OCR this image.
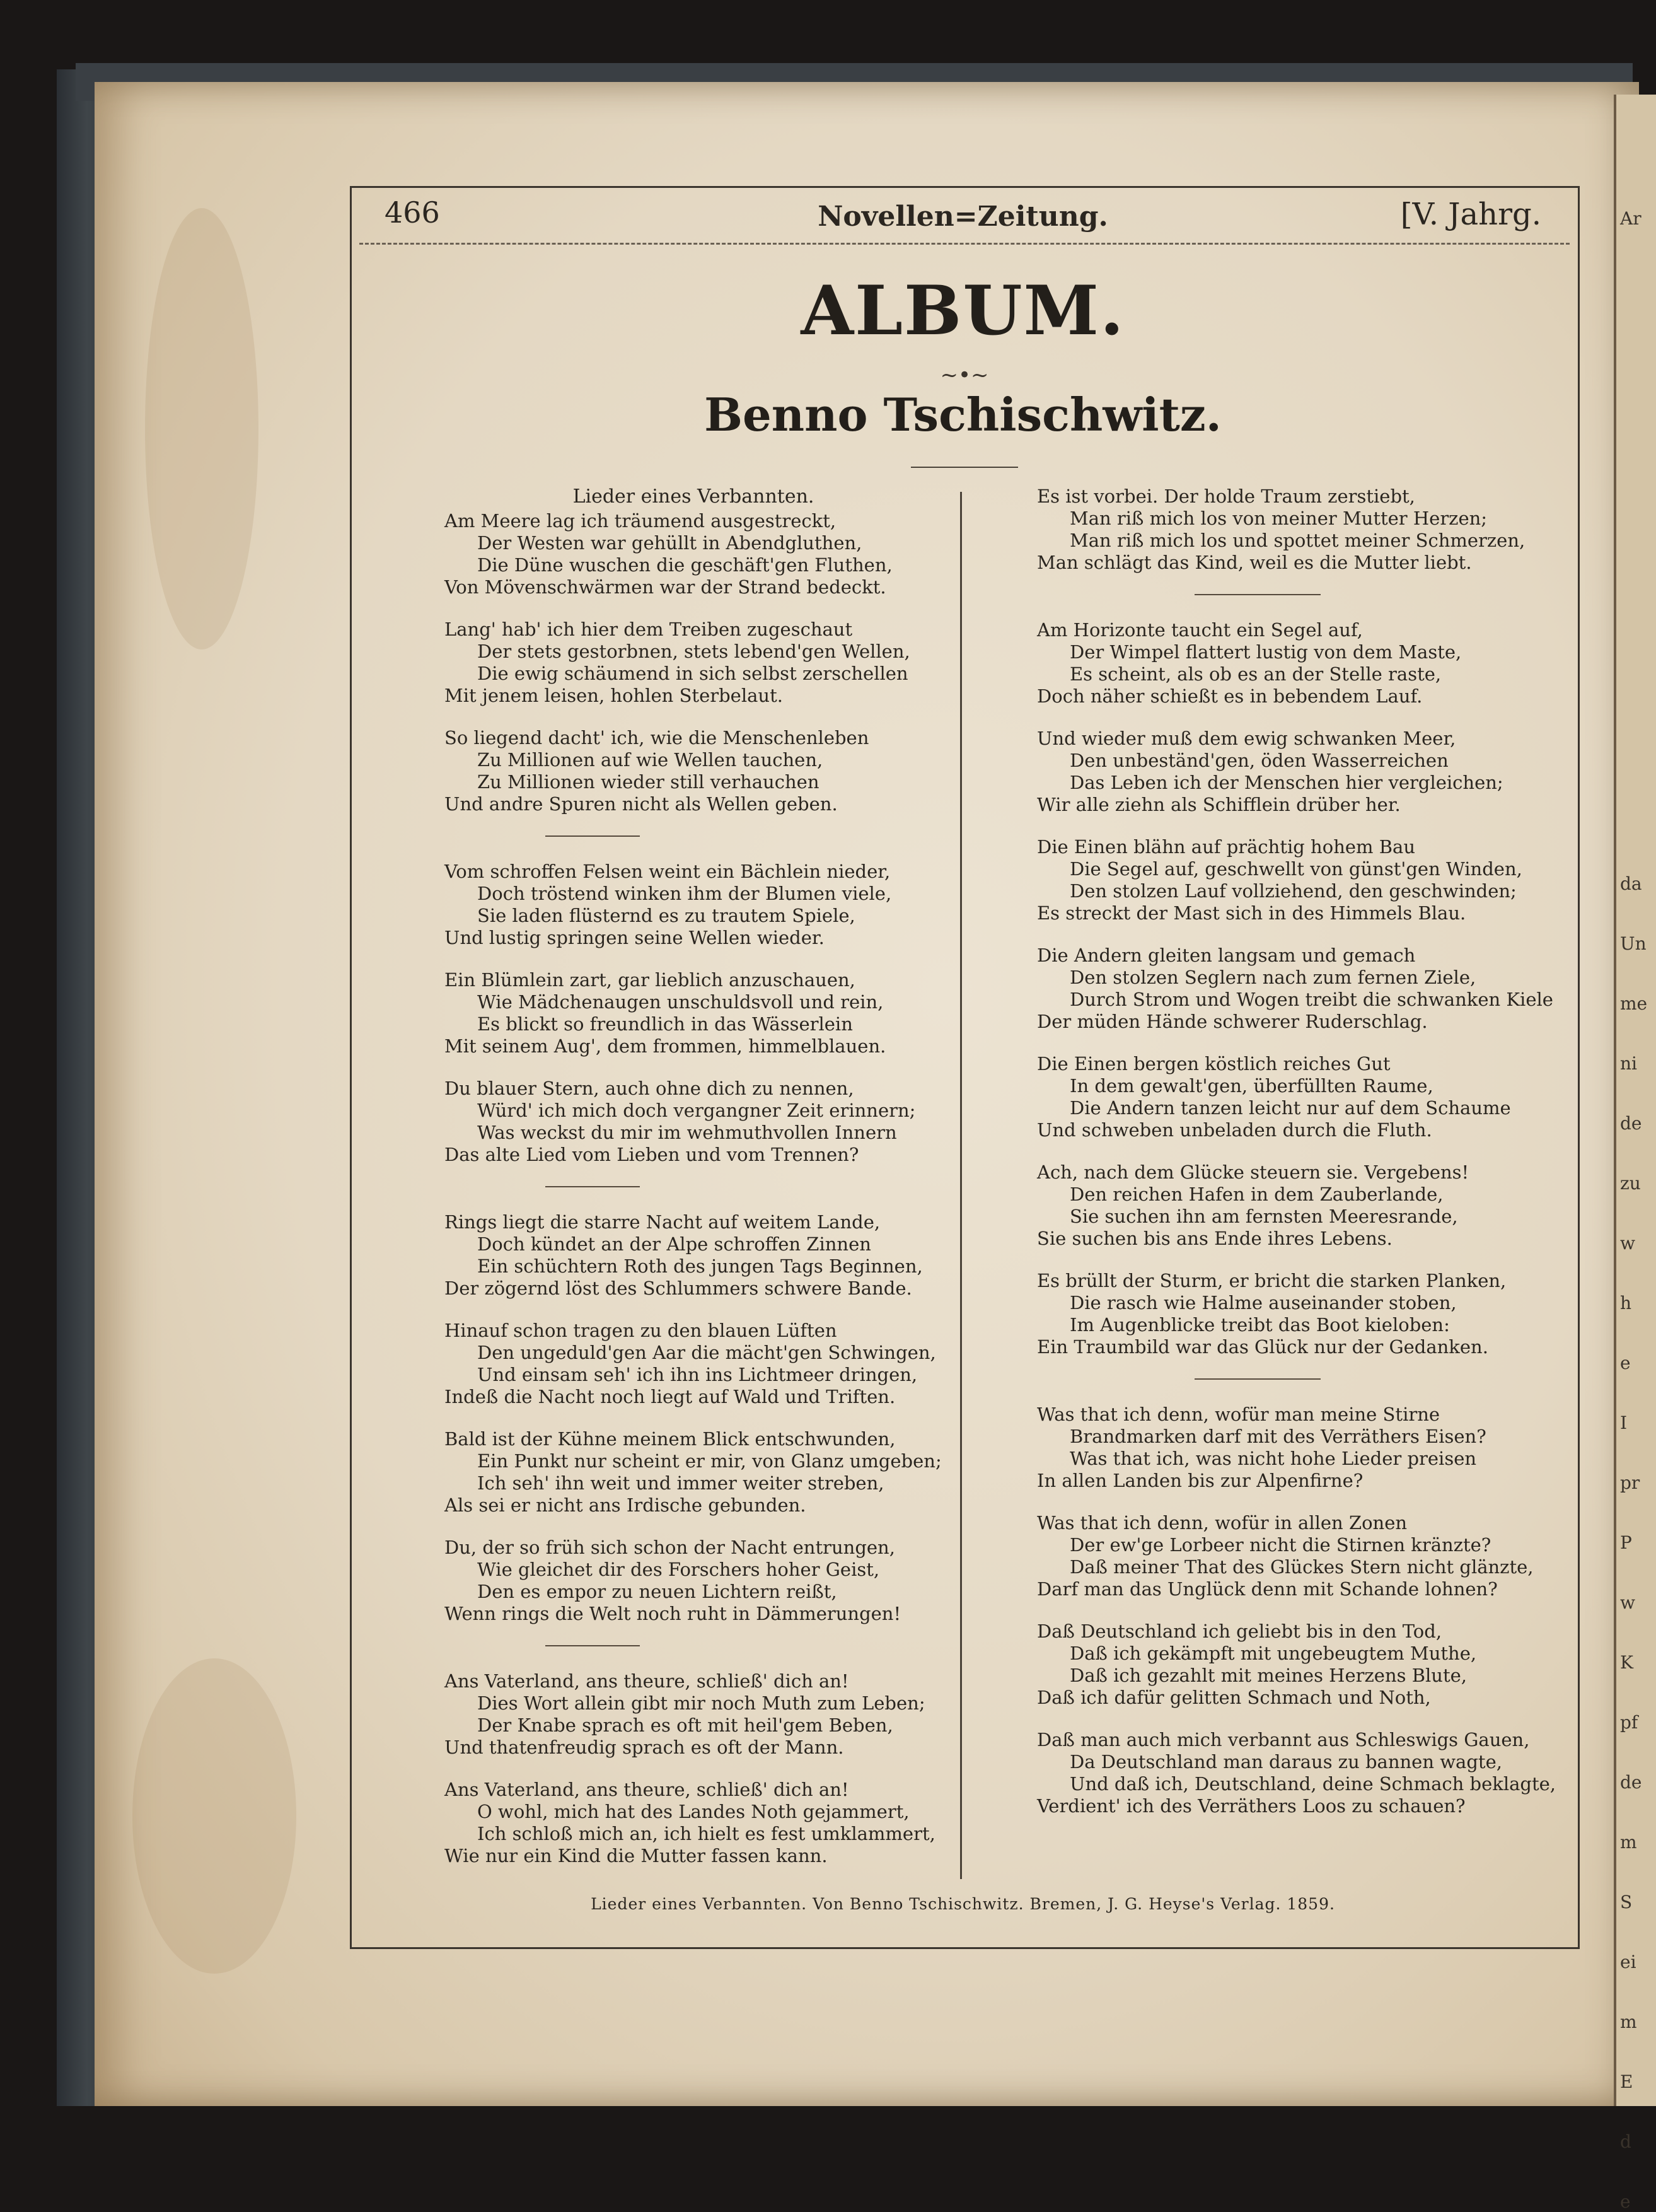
Ar
da
Un
me
ni
de
zu
w
h
e
I
pr
P
w
K
pf
de
m
S
ei
m
E
d
e
466	Novellen=Zeitung.	[V. Jahrg.
ALBUM.
~•~
Benno Tschischwitz.
Lieder eines Verbannten.
Am Meere lag ich träumend ausgestreckt,
Der Westen war gehüllt in Abendgluthen,
Die Düne wuschen die geschäft'gen Fluthen,
Von Mövenschwärmen war der Strand bedeckt.
Lang' hab' ich hier dem Treiben zugeschaut
Der stets gestorbnen, stets lebend'gen Wellen,
Die ewig schäumend in sich selbst zerschellen
Mit jenem leisen, hohlen Sterbelaut.
So liegend dacht' ich, wie die Menschenleben
Zu Millionen auf wie Wellen tauchen,
Zu Millionen wieder still verhauchen
Und andre Spuren nicht als Wellen geben.
Vom schroffen Felsen weint ein Bächlein nieder,
Doch tröstend winken ihm der Blumen viele,
Sie laden flüsternd es zu trautem Spiele,
Und lustig springen seine Wellen wieder.
Ein Blümlein zart, gar lieblich anzuschauen,
Wie Mädchenaugen unschuldsvoll und rein,
Es blickt so freundlich in das Wässerlein
Mit seinem Aug', dem frommen, himmelblauen.
Du blauer Stern, auch ohne dich zu nennen,
Würd' ich mich doch vergangner Zeit erinnern;
Was weckst du mir im wehmuthvollen Innern
Das alte Lied vom Lieben und vom Trennen?
Rings liegt die starre Nacht auf weitem Lande,
Doch kündet an der Alpe schroffen Zinnen
Ein schüchtern Roth des jungen Tags Beginnen,
Der zögernd löst des Schlummers schwere Bande.
Hinauf schon tragen zu den blauen Lüften
Den ungeduld'gen Aar die mächt'gen Schwingen,
Und einsam seh' ich ihn ins Lichtmeer dringen,
Indeß die Nacht noch liegt auf Wald und Triften.
Bald ist der Kühne meinem Blick entschwunden,
Ein Punkt nur scheint er mir, von Glanz umgeben;
Ich seh' ihn weit und immer weiter streben,
Als sei er nicht ans Irdische gebunden.
Du, der so früh sich schon der Nacht entrungen,
Wie gleichet dir des Forschers hoher Geist,
Den es empor zu neuen Lichtern reißt,
Wenn rings die Welt noch ruht in Dämmerungen!
Ans Vaterland, ans theure, schließ' dich an!
Dies Wort allein gibt mir noch Muth zum Leben;
Der Knabe sprach es oft mit heil'gem Beben,
Und thatenfreudig sprach es oft der Mann.
Ans Vaterland, ans theure, schließ' dich an!
O wohl, mich hat des Landes Noth gejammert,
Ich schloß mich an, ich hielt es fest umklammert,
Wie nur ein Kind die Mutter fassen kann.
Es ist vorbei. Der holde Traum zerstiebt,
Man riß mich los von meiner Mutter Herzen;
Man riß mich los und spottet meiner Schmerzen,
Man schlägt das Kind, weil es die Mutter liebt.
Am Horizonte taucht ein Segel auf,
Der Wimpel flattert lustig von dem Maste,
Es scheint, als ob es an der Stelle raste,
Doch näher schießt es in bebendem Lauf.
Und wieder muß dem ewig schwanken Meer,
Den unbeständ'gen, öden Wasserreichen
Das Leben ich der Menschen hier vergleichen;
Wir alle ziehn als Schifflein drüber her.
Die Einen blähn auf prächtig hohem Bau
Die Segel auf, geschwellt von günst'gen Winden,
Den stolzen Lauf vollziehend, den geschwinden;
Es streckt der Mast sich in des Himmels Blau.
Die Andern gleiten langsam und gemach
Den stolzen Seglern nach zum fernen Ziele,
Durch Strom und Wogen treibt die schwanken Kiele
Der müden Hände schwerer Ruderschlag.
Die Einen bergen köstlich reiches Gut
In dem gewalt'gen, überfüllten Raume,
Die Andern tanzen leicht nur auf dem Schaume
Und schweben unbeladen durch die Fluth.
Ach, nach dem Glücke steuern sie. Vergebens!
Den reichen Hafen in dem Zauberlande,
Sie suchen ihn am fernsten Meeresrande,
Sie suchen bis ans Ende ihres Lebens.
Es brüllt der Sturm, er bricht die starken Planken,
Die rasch wie Halme auseinander stoben,
Im Augenblicke treibt das Boot kieloben:
Ein Traumbild war das Glück nur der Gedanken.
Was that ich denn, wofür man meine Stirne
Brandmarken darf mit des Verräthers Eisen?
Was that ich, was nicht hohe Lieder preisen
In allen Landen bis zur Alpenfirne?
Was that ich denn, wofür in allen Zonen
Der ew'ge Lorbeer nicht die Stirnen kränzte?
Daß meiner That des Glückes Stern nicht glänzte,
Darf man das Unglück denn mit Schande lohnen?
Daß Deutschland ich geliebt bis in den Tod,
Daß ich gekämpft mit ungebeugtem Muthe,
Daß ich gezahlt mit meines Herzens Blute,
Daß ich dafür gelitten Schmach und Noth,
Daß man auch mich verbannt aus Schleswigs Gauen,
Da Deutschland man daraus zu bannen wagte,
Und daß ich, Deutschland, deine Schmach beklagte,
Verdient' ich des Verräthers Loos zu schauen?
Lieder eines Verbannten. Von Benno Tschischwitz. Bremen, J. G. Heyse's Verlag. 1859.
